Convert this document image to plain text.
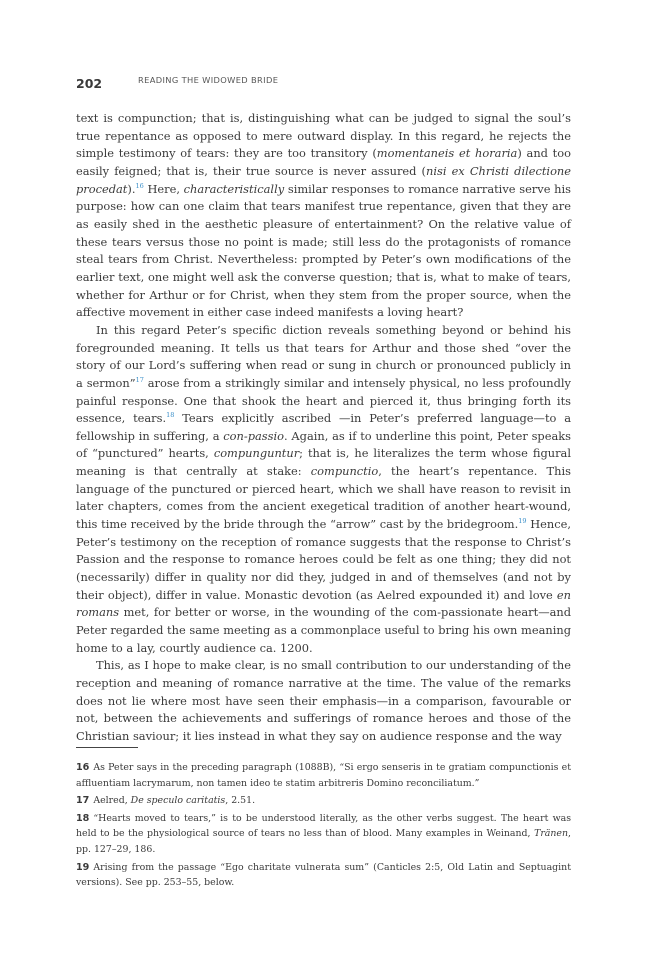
202	READING THE WIDOWED BRIDE

text is compunction; that is, distinguishing what can be judged to signal the soul’s true repentance as opposed to mere outward display. In this regard, he rejects the simple testimony of tears: they are too transitory (momentaneis et horaria) and too easily feigned; that is, their true source is never assured (nisi ex Christi dilectione procedat).$^{16}$ Here, characteristically similar responses to romance narrative serve his purpose: how can one claim that tears manifest true repentance, given that they are as easily shed in the aesthetic pleasure of entertainment? On the relative value of these tears versus those no point is made; still less do the protagonists of romance steal tears from Christ. Nevertheless: prompted by Peter’s own modifications of the earlier text, one might well ask the converse question; that is, what to make of tears, whether for Arthur or for Christ, when they stem from the proper source, when the affective movement in either case indeed manifests a loving heart?

In this regard Peter’s specific diction reveals something beyond or behind his foregrounded meaning. It tells us that tears for Arthur and those shed “over the story of our Lord’s suffering when read or sung in church or pronounced publicly in a sermon”$^{17}$ arose from a strikingly similar and intensely physical, no less profoundly painful response. One that shook the heart and pierced it, thus bringing forth its essence, tears.$^{18}$ Tears explicitly ascribed —in Peter’s preferred language—to a fellowship in suffering, a con-passio. Again, as if to underline this point, Peter speaks of “punctured” hearts, compunguntur; that is, he literalizes the term whose figural meaning is that centrally at stake: compunctio, the heart’s repentance. This language of the punctured or pierced heart, which we shall have reason to revisit in later chapters, comes from the ancient exegetical tradition of another heart-wound, this time received by the bride through the “arrow” cast by the bridegroom.$^{19}$ Hence, Peter’s testimony on the reception of romance suggests that the response to Christ’s Passion and the response to romance heroes could be felt as one thing; they did not (necessarily) differ in quality nor did they, judged in and of themselves (and not by their object), differ in value. Monastic devotion (as Aelred expounded it) and love en romans met, for better or worse, in the wounding of the com-passionate heart—and Peter regarded the same meeting as a commonplace useful to bring his own meaning home to a lay, courtly audience ca. 1200.

This, as I hope to make clear, is no small contribution to our understanding of the reception and meaning of romance narrative at the time. The value of the remarks does not lie where most have seen their emphasis—in a comparison, favourable or not, between the achievements and sufferings of romance heroes and those of the Christian saviour; it lies instead in what they say on audience response and the way

16 As Peter says in the preceding paragraph (1088B), “Si ergo senseris in te gratiam compunctionis et affluentiam lacrymarum, non tamen ideo te statim arbitreris Domino reconciliatum.”
17 Aelred, De speculo caritatis, 2.51.
18 “Hearts moved to tears,” is to be understood literally, as the other verbs suggest. The heart was held to be the physiological source of tears no less than of blood. Many examples in Weinand, Tränen, pp. 127–29, 186.
19 Arising from the passage “Ego charitate vulnerata sum” (Canticles 2:5, Old Latin and Septuagint versions). See pp. 253–55, below.
